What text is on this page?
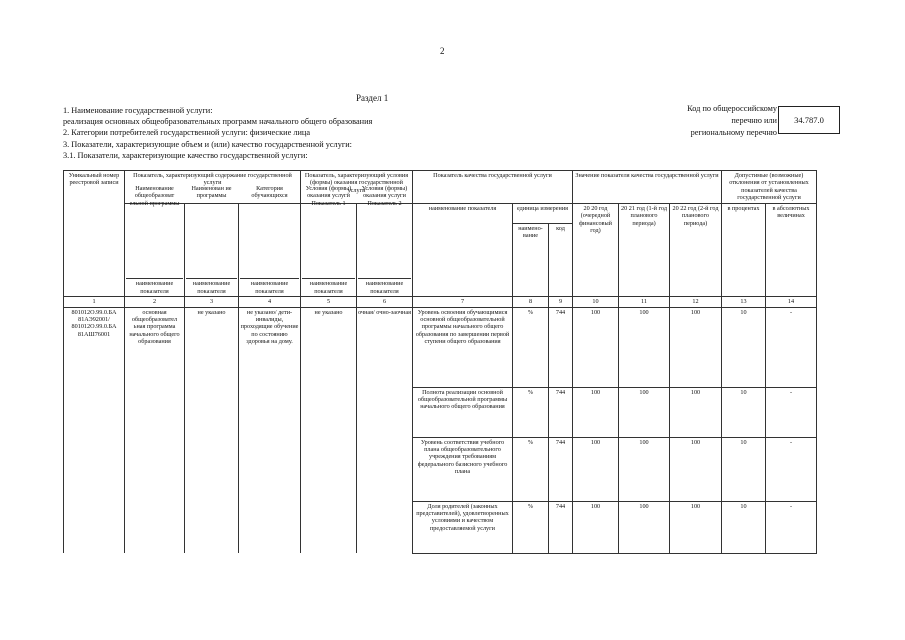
2
Раздел 1
1. Наименование государственной услуги:
реализация основных общеобразовательных программ начального общего образования
2. Категории потребителей государственной услуги: физические лица
3. Показатели, характеризующие объем и (или) качество государственной услуги:
3.1. Показатели, характеризующие качество государственной услуги:
Код по общероссийскому
перечню или
региональному перечню
34.787.0
Уникальный номер реестровой записи	Показатель, характеризующий содержание государственной услуги			Показатель, характеризующий условия (формы) оказания государственной услуги		Показатель качества государственной услуги			Значение показателя качества государственной услуги			Допустимые (возможные) отклонения от установленных показателей качества государственной услуги	

	Наименование общеобразоват ельной программы	Наименован ие программы	Категория обучающихся	Условия (формы) оказания услуги Показатель 1	Условия (формы) оказания услуги Показатель 2	наименование показателя	единица измерения		20 20 год (очередной финансовый год)	20 21 год (1-й год планового периода)	20 22 год (2-й год планового периода)	в процентах	в абсолютных величинах
							наимено-вание	код					

	наименование показателя	наименование показателя	наименование показателя	наименование показателя	наименование показателя								

1	2	3	4	5	6	7	8	9	10	11	12	13	14
801012О.99.0.БА 81АЭ92001/ 801012О.99.0.БА 81АШ76001	основная общеобразовател ьная программа начального общего образования	не указано	не указано/ дети-инвалиды, проходящие обучение по состоянию здоровья на дому.	не указано	очная/ очно-заочная	Уровень освоения обучающимися основной общеобразовательной программы начального общего образования по завершении первой ступени общего образования	%	744	100	100	100	10	-
						Полнота реализации основной общеобразовательной программы начального общего образования	%	744	100	100	100	10	-
						Уровень соответствия учебного плана общеобразовательного учреждения требованиям федерального базисного учебного плана	%	744	100	100	100	10	-
						Доля родителей (законных представителей), удовлетворенных условиями и качеством предоставляемой услуги	%	744	100	100	100	10	-
